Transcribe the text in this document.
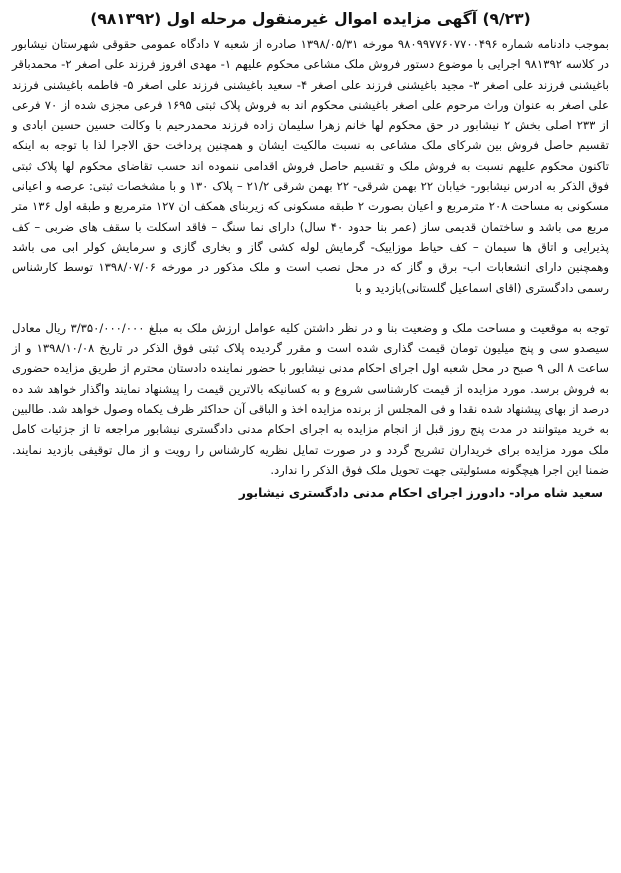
(۹/۲۳) آگهی مزایده اموال غیرمنقول مرحله اول (۹۸۱۳۹۲)

بموجب دادنامه شماره ۹۸۰۹۹۷۷۶۰۷۷۰۰۴۹۶ مورخه ۱۳۹۸/۰۵/۳۱ صادره از شعبه ۷ دادگاه عمومی حقوقی شهرستان نیشابور در کلاسه ۹۸۱۳۹۲ اجرایی با موضوع دستور فروش ملک مشاعی محکوم علیهم ۱- مهدی افروز فرزند علی اصغر ۲- محمدباقر باغیشنی فرزند علی اصغر ۳- مجید باغیشنی فرزند علی اصغر ۴- سعید باغیشنی فرزند علی اصغر ۵- فاطمه باغیشنی فرزند علی اصغر به عنوان وراث مرحوم علی اصغر باغیشنی محکوم اند به فروش پلاک ثبتی ۱۶۹۵ فرعی مجزی شده از ۷۰ فرعی از ۲۳۳ اصلی بخش ۲ نیشابور در حق محکوم لها خانم زهرا سلیمان زاده فرزند محمدرحیم با وکالت حسین حسین ابادی و تقسیم حاصل فروش بین شرکای ملک مشاعی به نسبت مالکیت ایشان و همچنین پرداخت حق الاجرا لذا با توجه به اینکه تاکنون محکوم علیهم نسبت به فروش ملک و تقسیم حاصل فروش اقدامی ننموده اند حسب تقاضای محکوم لها پلاک ثبتی فوق الذکر به ادرس نیشابور- خیابان ۲۲ بهمن شرقی- ۲۲ بهمن شرقی ۲۱/۲ – پلاک ۱۳۰ و با مشخصات ثبتی: عرصه و اعیانی مسکونی به مساحت ۲۰۸ مترمربع و اعیان بصورت ۲ طبقه مسکونی که زیربنای همکف ان ۱۲۷ مترمربع و طبقه اول ۱۳۶ متر مربع می باشد و ساختمان قدیمی ساز (عمر بنا حدود ۴۰ سال) دارای نما سنگ – فاقد اسکلت با سقف های ضربی – کف پذیرایی و اتاق ها سیمان – کف حیاط موزاییک- گرمایش لوله کشی گاز و بخاری گازی و سرمایش کولر ابی می باشد وهمچنین دارای انشعابات اب- برق و گاز که در محل نصب است و ملک مذکور در مورخه ۱۳۹۸/۰۷/۰۶ توسط کارشناس رسمی دادگستری (اقای اسماعیل گلستانی)بازدید و با

توجه به موقعیت و مساحت ملک و وضعیت بنا و در نظر داشتن کلیه عوامل ارزش ملک به مبلغ ۳/۳۵۰/۰۰۰/۰۰۰ ریال معادل سیصدو سی و پنج میلیون تومان قیمت گذاری شده است و مقرر گردیده پلاک ثبتی فوق الذکر در تاریخ ۱۳۹۸/۱۰/۰۸ و از ساعت ۸ الی ۹ صبح در محل شعبه اول اجرای احکام مدنی نیشابور با حضور نماینده دادستان محترم از طریق مزایده حضوری به فروش برسد. مورد مزایده از قیمت کارشناسی شروع و به کسانیکه بالاترین قیمت را پیشنهاد نمایند واگذار خواهد شد ده درصد از بهای پیشنهاد شده نقدا و فی المجلس از برنده مزایده اخذ و الباقی آن حداکثر ظرف یکماه وصول خواهد شد. طالبین به خرید میتوانند در مدت پنج روز قبل از انجام مزایده به اجرای احکام مدنی دادگستری نیشابور مراجعه تا از جزئیات کامل ملک مورد مزایده برای خریداران تشریح گردد و در صورت تمایل نظریه کارشناس را رویت و از مال توقیفی بازدید نمایند. ضمنا این اجرا هیچگونه مسئولیتی جهت تحویل ملک فوق الذکر را ندارد.

سعید شاه مراد- دادورز اجرای احکام مدنی دادگستری نیشابور
